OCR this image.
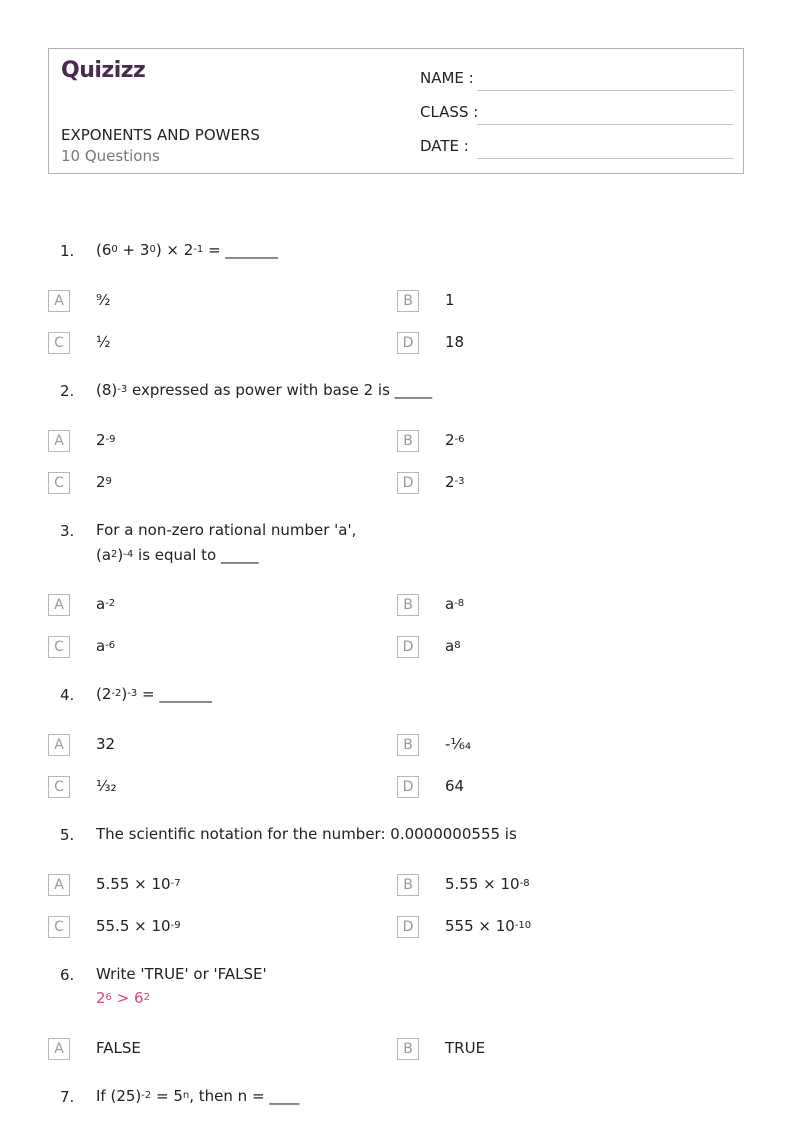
Quizizz
EXPONENTS AND POWERS
10 Questions
NAME :
CLASS :
DATE :
1. $(6^0 + 3^0) \times 2^{-1}$ = _______
A	⁹⁄₂	B	1
C	½	D	18
2. $(8)^{-3}$ expressed as power with base 2 is _____
A	$2^{-9}$	B	$2^{-6}$
C	$2^9$	D	$2^{-3}$
3. For a non-zero rational number 'a',
$(a^2)^{-4}$ is equal to _____
A	$a^{-2}$	B	$a^{-8}$
C	$a^{-6}$	D	$a^8$
4. $(2^{-2})^{-3}$ = _______
A	32	B	-¹⁄₆₄
C	¹⁄₃₂	D	64
5. The scientific notation for the number: 0.0000000555 is
A	$5.55 \times 10^{-7}$	B	$5.55 \times 10^{-8}$
C	$55.5 \times 10^{-9}$	D	$555 \times 10^{-10}$
6. Write 'TRUE' or 'FALSE'
$2^6 > 6^2$
A	FALSE	B	TRUE
7. If $(25)^{-2} = 5^n$, then n = ____
